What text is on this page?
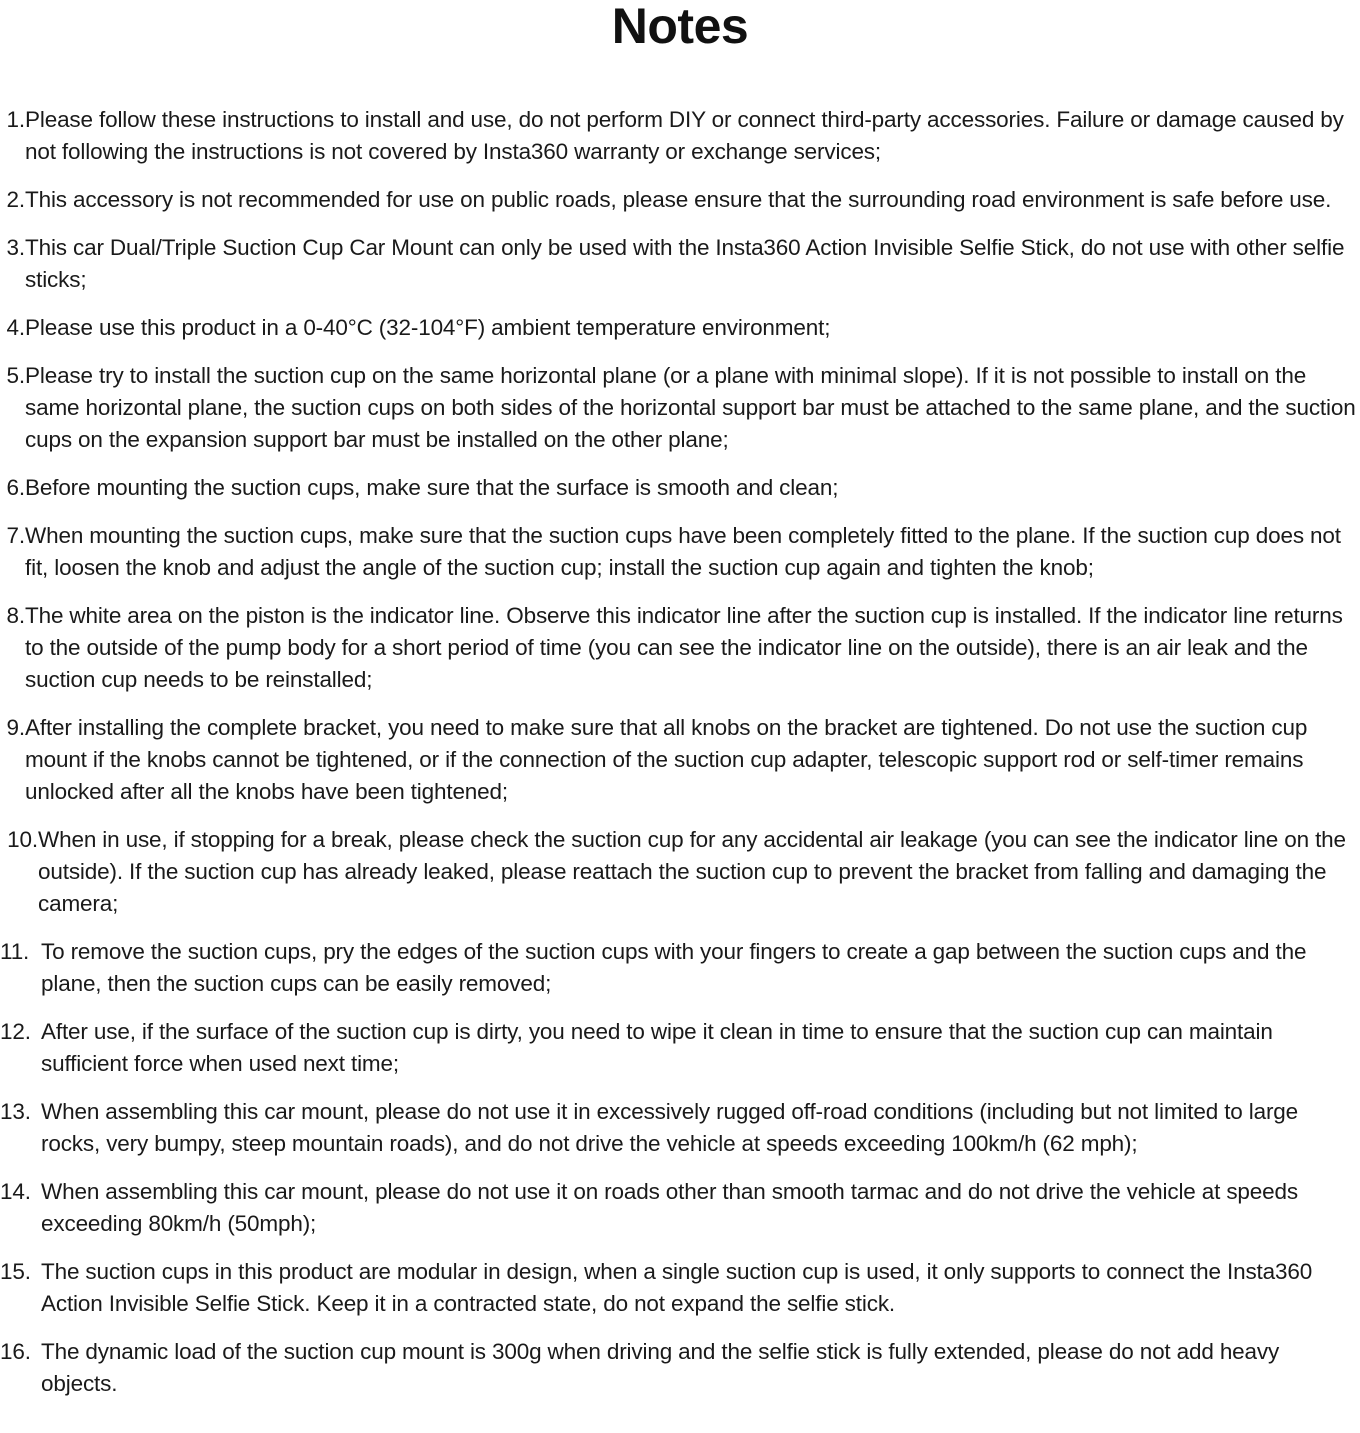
Notes
1. Please follow these instructions to install and use, do not perform DIY or connect third-party accessories. Failure or damage caused by not following the instructions is not covered by Insta360 warranty or exchange services;
2. This accessory is not recommended for use on public roads, please ensure that the surrounding road environment is safe before use.
3. This car Dual/Triple Suction Cup Car Mount can only be used with the Insta360 Action Invisible Selfie Stick, do not use with other selfie sticks;
4. Please use this product in a 0-40°C (32-104°F) ambient temperature environment;
5. Please try to install the suction cup on the same horizontal plane (or a plane with minimal slope). If it is not possible to install on the same horizontal plane, the suction cups on both sides of the horizontal support bar must be attached to the same plane, and the suction cups on the expansion support bar must be installed on the other plane;
6. Before mounting the suction cups, make sure that the surface is smooth and clean;
7. When mounting the suction cups, make sure that the suction cups have been completely fitted to the plane. If the suction cup does not fit, loosen the knob and adjust the angle of the suction cup; install the suction cup again and tighten the knob;
8. The white area on the piston is the indicator line. Observe this indicator line after the suction cup is installed. If the indicator line returns to the outside of the pump body for a short period of time (you can see the indicator line on the outside), there is an air leak and the suction cup needs to be reinstalled;
9. After installing the complete bracket, you need to make sure that all knobs on the bracket are tightened. Do not use the suction cup mount if the knobs cannot be tightened, or if the connection of the suction cup adapter, telescopic support rod or self-timer remains unlocked after all the knobs have been tightened;
10. When in use, if stopping for a break, please check the suction cup for any accidental air leakage (you can see the indicator line on the outside). If the suction cup has already leaked, please reattach the suction cup to prevent the bracket from falling and damaging the camera;
11. To remove the suction cups, pry the edges of the suction cups with your fingers to create a gap between the suction cups and the plane, then the suction cups can be easily removed;
12. After use, if the surface of the suction cup is dirty, you need to wipe it clean in time to ensure that the suction cup can maintain sufficient force when used next time;
13. When assembling this car mount, please do not use it in excessively rugged off-road conditions (including but not limited to large rocks, very bumpy, steep mountain roads), and do not drive the vehicle at speeds exceeding 100km/h (62 mph);
14. When assembling this car mount, please do not use it on roads other than smooth tarmac and do not drive the vehicle at speeds exceeding 80km/h (50mph);
15. The suction cups in this product are modular in design, when a single suction cup is used, it only supports to connect the Insta360 Action Invisible Selfie Stick. Keep it in a contracted state, do not expand the selfie stick.
16. The dynamic load of the suction cup mount is 300g when driving and the selfie stick is fully extended, please do not add heavy objects.
